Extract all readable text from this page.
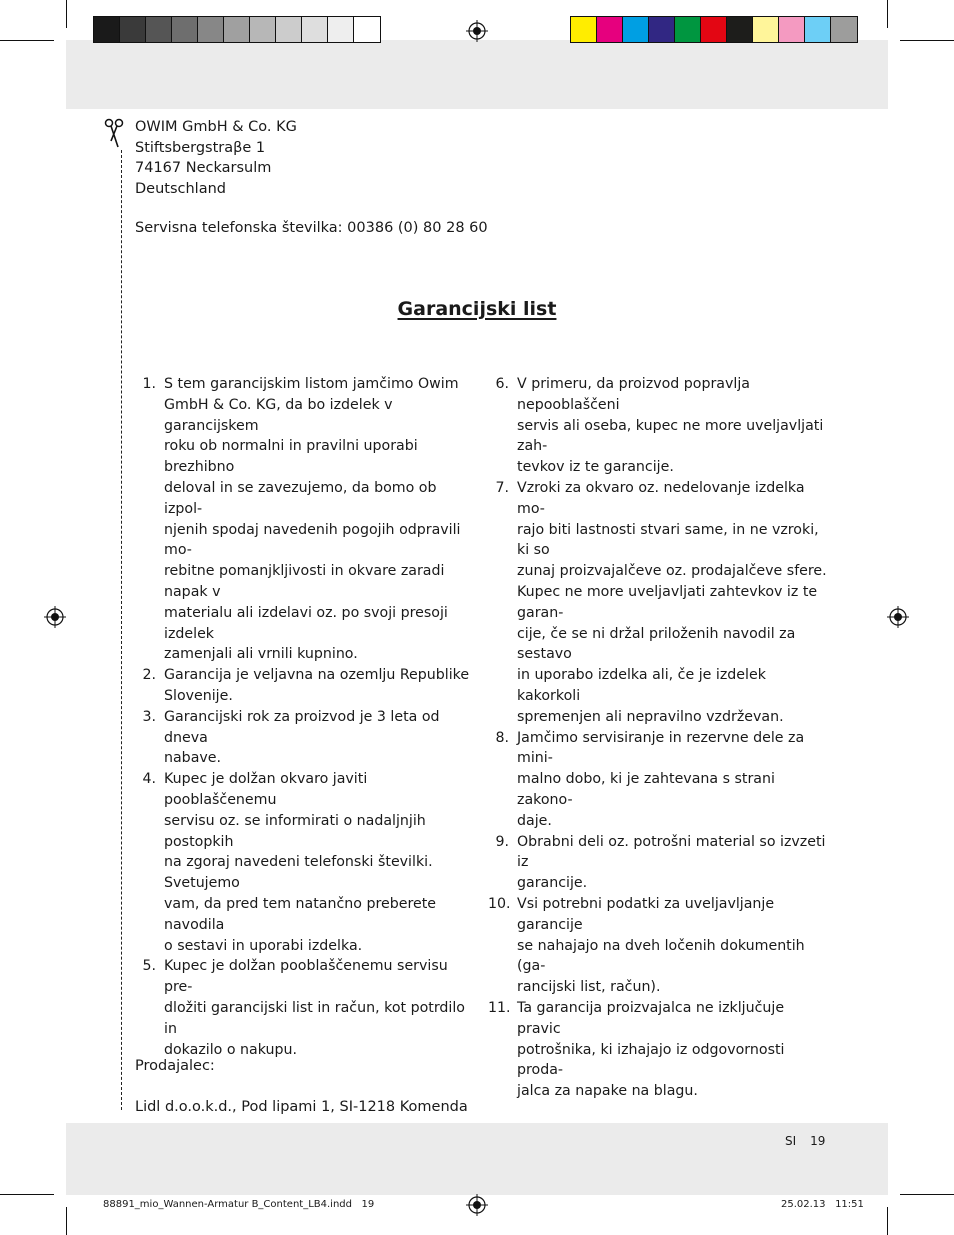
OWIM GmbH & Co. KG
Stiftsbergstraβe 1
74167 Neckarsulm
Deutschland
Servisna telefonska številka: 00386 (0) 80 28 60
Garancijski list
1. S tem garancijskim listom jamčimo Owim
GmbH & Co. KG, da bo izdelek v garancijskem
roku ob normalni in pravilni uporabi brezhibno
deloval in se zavezujemo, da bomo ob izpol-
njenih spodaj navedenih pogojih odpravili mo-
rebitne pomanjkljivosti in okvare zaradi napak v
materialu ali izdelavi oz. po svoji presoji izdelek
zamenjali ali vrnili kupnino.
2. Garancija je veljavna na ozemlju Republike
Slovenije.
3. Garancijski rok za proizvod je 3 leta od dneva
nabave.
4. Kupec je dolžan okvaro javiti pooblaščenemu
servisu oz. se informirati o nadaljnjih postopkih
na zgoraj navedeni telefonski številki. Svetujemo
vam, da pred tem natančno preberete navodila
o sestavi in uporabi izdelka.
5. Kupec je dolžan pooblaščenemu servisu pre-
dložiti garancijski list in račun, kot potrdilo in
dokazilo o nakupu.
6. V primeru, da proizvod popravlja nepooblaščeni
servis ali oseba, kupec ne more uveljavljati zah-
tevkov iz te garancije.
7. Vzroki za okvaro oz. nedelovanje izdelka mo-
rajo biti lastnosti stvari same, in ne vzroki, ki so
zunaj proizvajalčeve oz. prodajalčeve sfere.
Kupec ne more uveljavljati zahtevkov iz te garan-
cije, če se ni držal priloženih navodil za sestavo
in uporabo izdelka ali, če je izdelek kakorkoli
spremenjen ali nepravilno vzdrževan.
8. Jamčimo servisiranje in rezervne dele za mini-
malno dobo, ki je zahtevana s strani zakono-
daje.
9. Obrabni deli oz. potrošni material so izvzeti iz
garancije.
10. Vsi potrebni podatki za uveljavljanje garancije
se nahajajo na dveh ločenih dokumentih (ga-
rancijski list, račun).
11. Ta garancija proizvajalca ne izključuje pravic
potrošnika, ki izhajajo iz odgovornosti proda-
jalca za napake na blagu.
Prodajalec:
Lidl d.o.o.k.d., Pod lipami 1, SI-1218 Komenda
SI 19
88891_mio_Wannen-Armatur B_Content_LB4.indd   19	25.02.13   11:51
